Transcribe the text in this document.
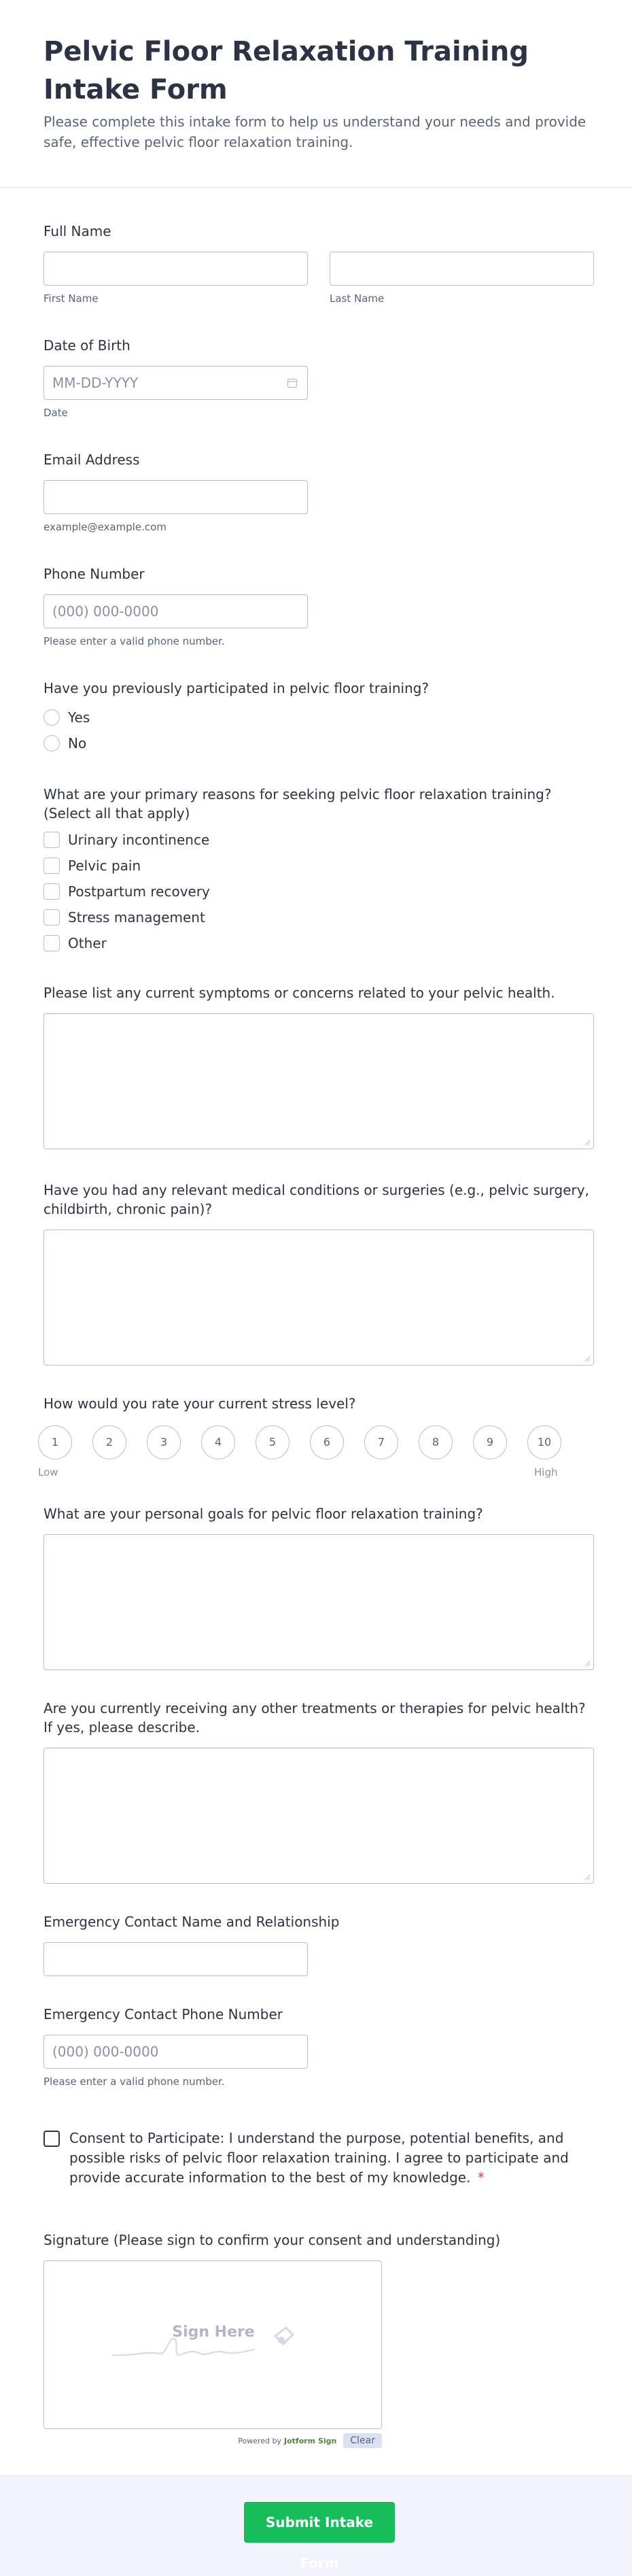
Pelvic Floor Relaxation Training Intake Form

Please complete this intake form to help us understand your needs and provide safe, effective pelvic floor relaxation training.

Full Name
First Name	Last Name
Date of Birth
MM-DD-YYYY
Date
Email Address
example@example.com
Phone Number
(000) 000-0000
Please enter a valid phone number.
Have you previously participated in pelvic floor training?
Yes
No
What are your primary reasons for seeking pelvic floor relaxation training? (Select all that apply)
Urinary incontinence
Pelvic pain
Postpartum recovery
Stress management
Other
Please list any current symptoms or concerns related to your pelvic health.
Have you had any relevant medical conditions or surgeries (e.g., pelvic surgery, childbirth, chronic pain)?
How would you rate your current stress level?
1	2	3	4	5	6	7	8	9	10
Low	High
What are your personal goals for pelvic floor relaxation training?
Are you currently receiving any other treatments or therapies for pelvic health? If yes, please describe.
Emergency Contact Name and Relationship
Emergency Contact Phone Number
(000) 000-0000
Please enter a valid phone number.
Consent to Participate: I understand the purpose, potential benefits, and possible risks of pelvic floor relaxation training. I agree to participate and provide accurate information to the best of my knowledge. *
Signature (Please sign to confirm your consent and understanding)
Sign Here
Powered by Jotform Sign	Clear
Submit Intake Form
